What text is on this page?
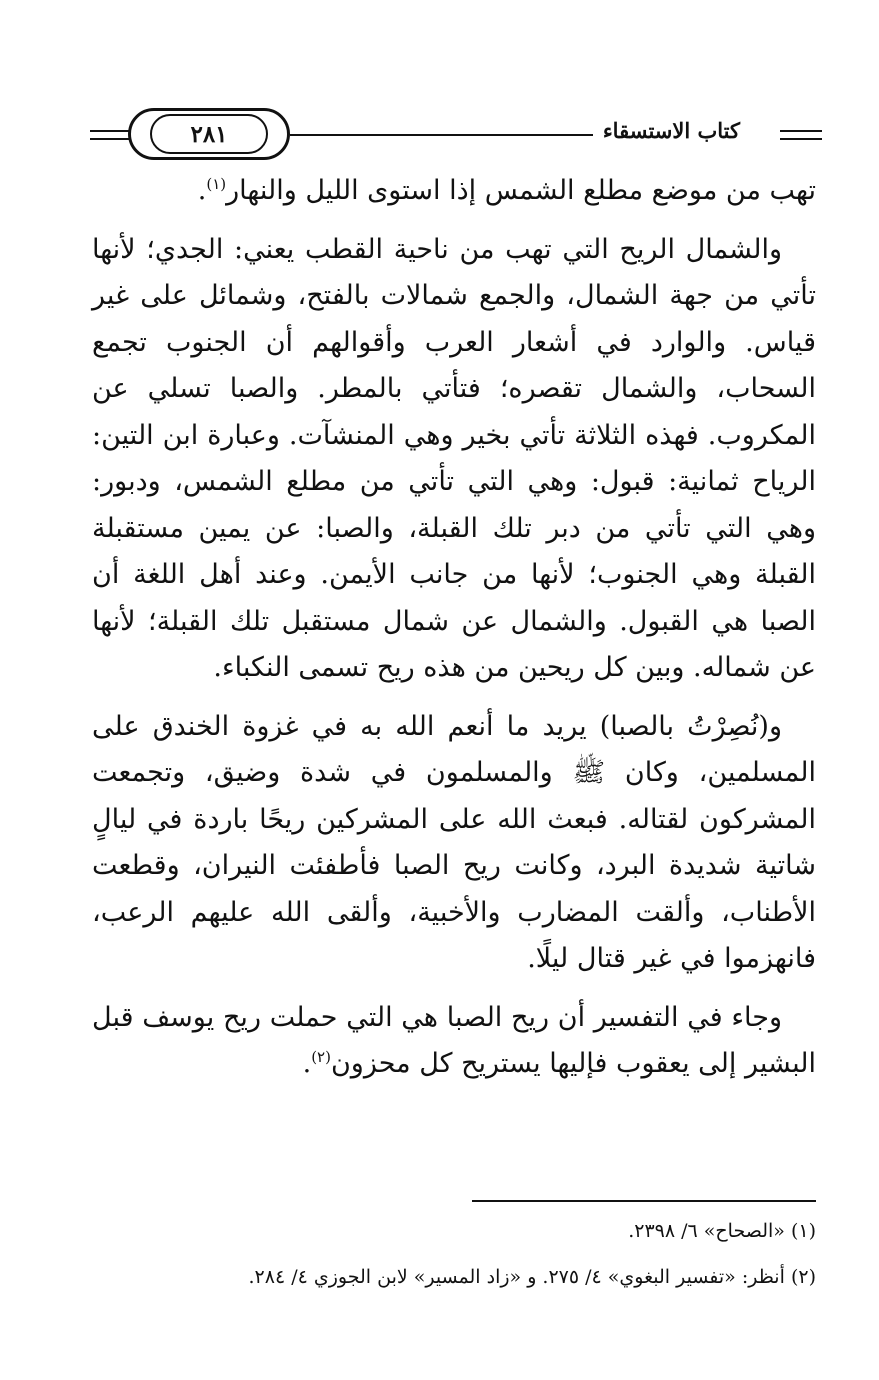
٢٨١	كتاب الاستسقاء

تهب من موضع مطلع الشمس إذا استوى الليل والنهار$^{(١)}$.

والشمال الريح التي تهب من ناحية القطب يعني: الجدي؛ لأنها تأتي من جهة الشمال، والجمع شمالات بالفتح، وشمائل على غير قياس. والوارد في أشعار العرب وأقوالهم أن الجنوب تجمع السحاب، والشمال تقصره؛ فتأتي بالمطر. والصبا تسلي عن المكروب. فهذه الثلاثة تأتي بخير وهي المنشآت. وعبارة ابن التين: الرياح ثمانية: قبول: وهي التي تأتي من مطلع الشمس، ودبور: وهي التي تأتي من دبر تلك القبلة، والصبا: عن يمين مستقبلة القبلة وهي الجنوب؛ لأنها من جانب الأيمن. وعند أهل اللغة أن الصبا هي القبول. والشمال عن شمال مستقبل تلك القبلة؛ لأنها عن شماله. وبين كل ريحين من هذه ريح تسمى النكباء.

و(نُصِرْتُ بالصبا) يريد ما أنعم الله به في غزوة الخندق على المسلمين، وكان ﷺ والمسلمون في شدة وضيق، وتجمعت المشركون لقتاله. فبعث الله على المشركين ريحًا باردة في ليالٍ شاتية شديدة البرد، وكانت ريح الصبا فأطفئت النيران، وقطعت الأطناب، وألقت المضارب والأخبية، وألقى الله عليهم الرعب، فانهزموا في غير قتال ليلًا.

وجاء في التفسير أن ريح الصبا هي التي حملت ريح يوسف قبل البشير إلى يعقوب فإليها يستريح كل محزون$^{(٢)}$.

(١) «الصحاح» ٦/ ٢٣٩٨.
(٢) أنظر: «تفسير البغوي» ٤/ ٢٧٥. و «زاد المسير» لابن الجوزي ٤/ ٢٨٤.
